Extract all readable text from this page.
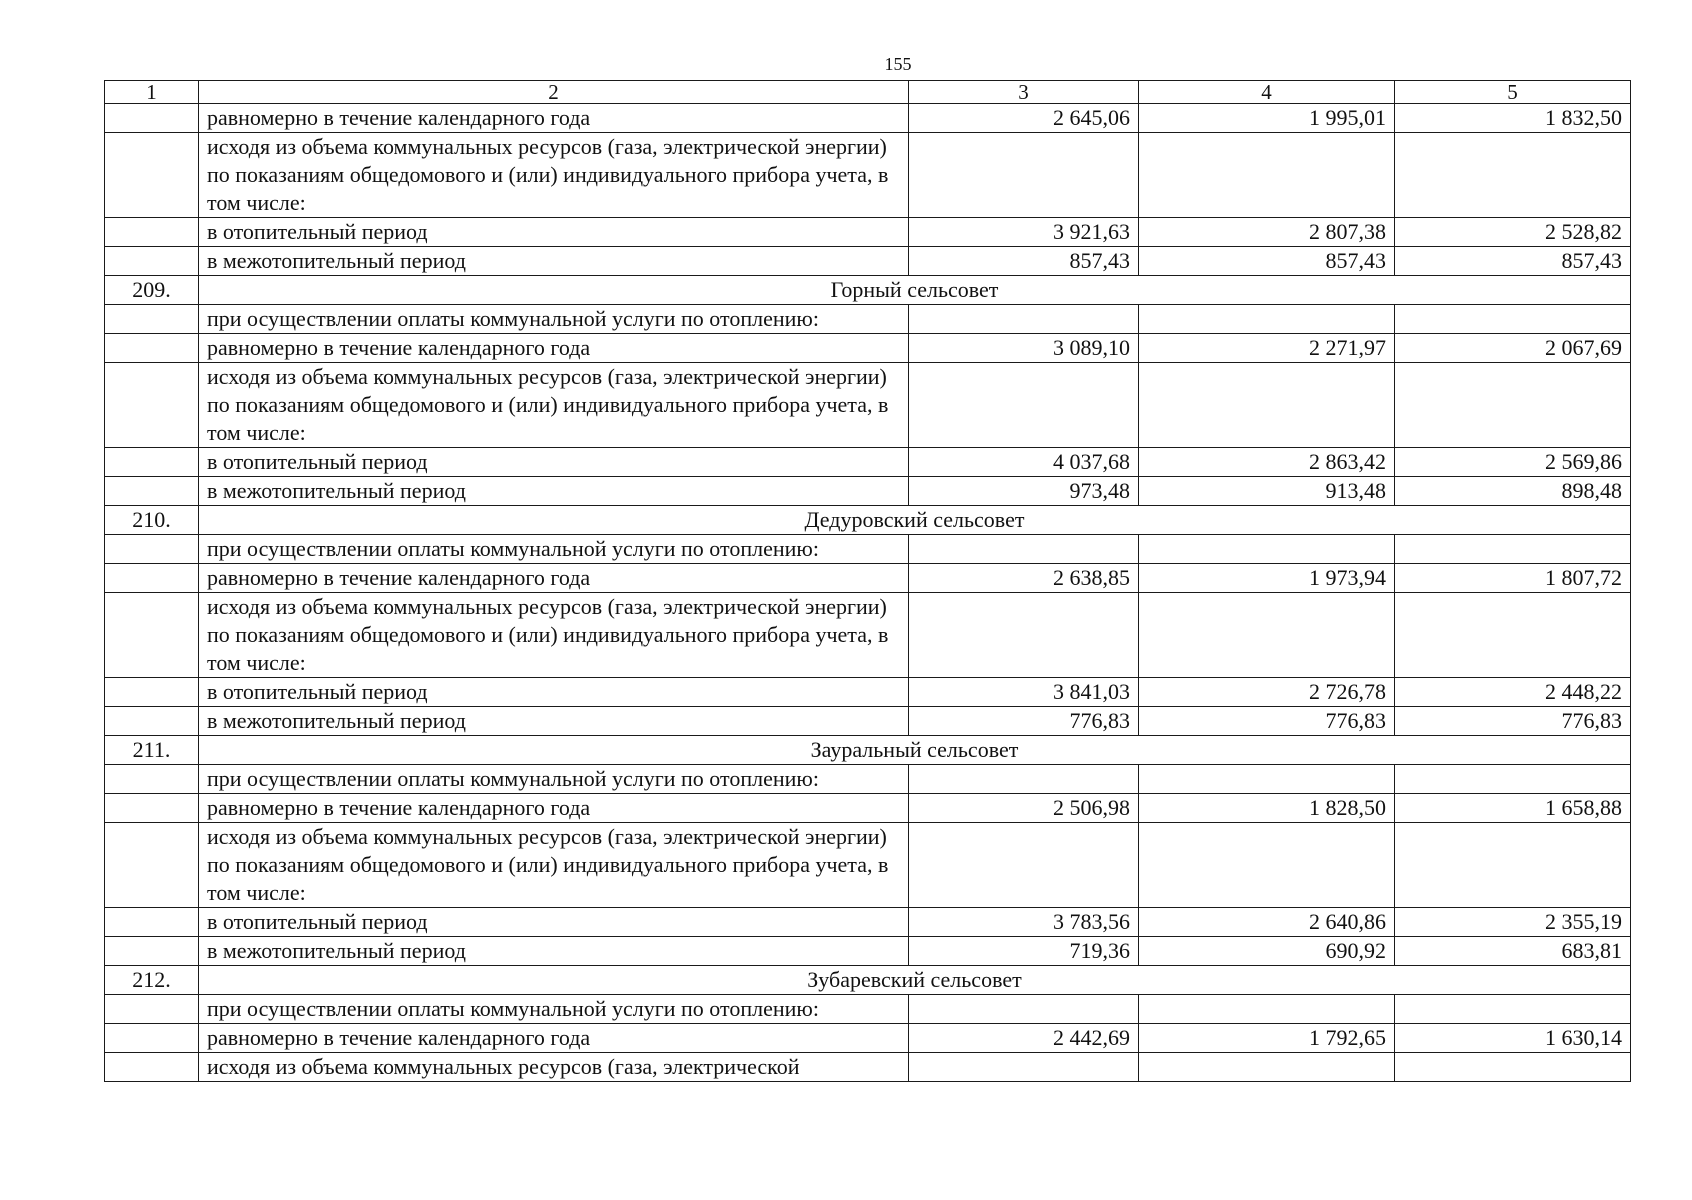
155
1	2	3	4	5
	равномерно в течение календарного года	2 645,06	1 995,01	1 832,50
	исходя из объема коммунальных ресурсов (газа, электрической энергии) по показаниям общедомового и (или) индивидуального прибора учета, в том числе:			
	в отопительный период	3 921,63	2 807,38	2 528,82
	в межотопительный период	857,43	857,43	857,43
209.	Горный сельсовет			
	при осуществлении оплаты коммунальной услуги по отоплению:			
	равномерно в течение календарного года	3 089,10	2 271,97	2 067,69
	исходя из объема коммунальных ресурсов (газа, электрической энергии) по показаниям общедомового и (или) индивидуального прибора учета, в том числе:			
	в отопительный период	4 037,68	2 863,42	2 569,86
	в межотопительный период	973,48	913,48	898,48
210.	Дедуровский сельсовет			
	при осуществлении оплаты коммунальной услуги по отоплению:			
	равномерно в течение календарного года	2 638,85	1 973,94	1 807,72
	исходя из объема коммунальных ресурсов (газа, электрической энергии) по показаниям общедомового и (или) индивидуального прибора учета, в том числе:			
	в отопительный период	3 841,03	2 726,78	2 448,22
	в межотопительный период	776,83	776,83	776,83
211.	Зауральный сельсовет			
	при осуществлении оплаты коммунальной услуги по отоплению:			
	равномерно в течение календарного года	2 506,98	1 828,50	1 658,88
	исходя из объема коммунальных ресурсов (газа, электрической энергии) по показаниям общедомового и (или) индивидуального прибора учета, в том числе:			
	в отопительный период	3 783,56	2 640,86	2 355,19
	в межотопительный период	719,36	690,92	683,81
212.	Зубаревский сельсовет			
	при осуществлении оплаты коммунальной услуги по отоплению:			
	равномерно в течение календарного года	2 442,69	1 792,65	1 630,14
	исходя из объема коммунальных ресурсов (газа, электрической			
